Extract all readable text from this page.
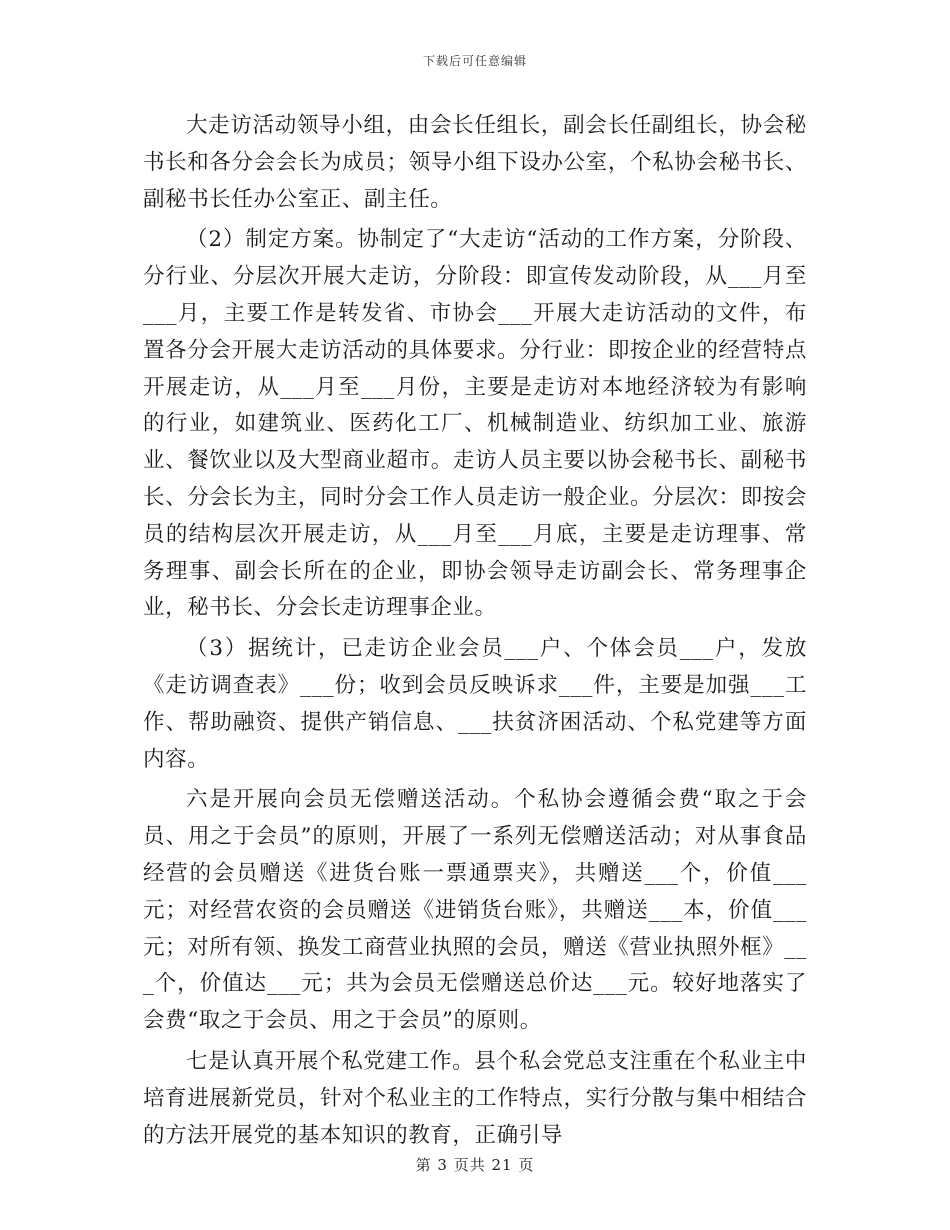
下载后可任意编辑

大走访活动领导小组，由会长任组长，副会长任副组长，协会秘书长和各分会会长为成员；领导小组下设办公室，个私协会秘书长、副秘书长任办公室正、副主任。

（2）制定方案。协制定了“大走访“活动的工作方案，分阶段、分行业、分层次开展大走访，分阶段：即宣传发动阶段，从___月至___月，主要工作是转发省、市协会___开展大走访活动的文件，布置各分会开展大走访活动的具体要求。分行业：即按企业的经营特点开展走访，从___月至___月份，主要是走访对本地经济较为有影响的行业，如建筑业、医药化工厂、机械制造业、纺织加工业、旅游业、餐饮业以及大型商业超市。走访人员主要以协会秘书长、副秘书长、分会长为主，同时分会工作人员走访一般企业。分层次：即按会员的结构层次开展走访，从___月至___月底，主要是走访理事、常务理事、副会长所在的企业，即协会领导走访副会长、常务理事企业，秘书长、分会长走访理事企业。

（3）据统计，已走访企业会员___户、个体会员___户，发放《走访调查表》___份；收到会员反映诉求___件，主要是加强___工作、帮助融资、提供产销信息、___扶贫济困活动、个私党建等方面内容。

六是开展向会员无偿赠送活动。个私协会遵循会费“取之于会员、用之于会员”的原则，开展了一系列无偿赠送活动；对从事食品经营的会员赠送《进货台账一票通票夹》，共赠送___个，价值___元；对经营农资的会员赠送《进销货台账》，共赠送___本，价值___元；对所有领、换发工商营业执照的会员，赠送《营业执照外框》___个，价值达___元；共为会员无偿赠送总价达___元。较好地落实了会费“取之于会员、用之于会员”的原则。

七是认真开展个私党建工作。县个私会党总支注重在个私业主中培育进展新党员，针对个私业主的工作特点，实行分散与集中相结合的方法开展党的基本知识的教育，正确引导

第 3 页共 21 页
